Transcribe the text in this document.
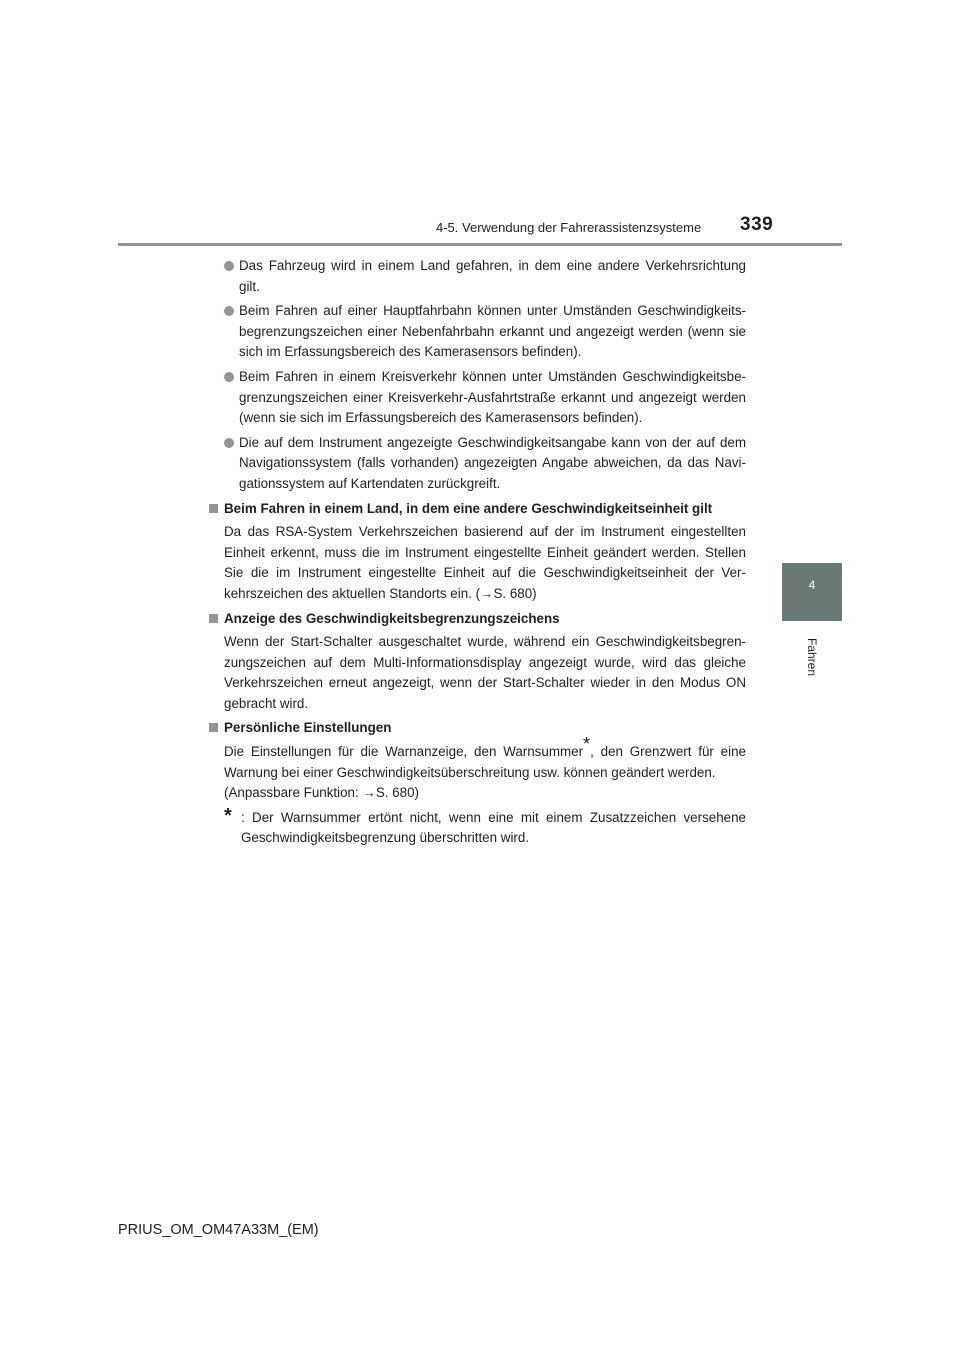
4-5. Verwendung der Fahrerassistenzsysteme 339
4
Fahren
Das Fahrzeug wird in einem Land gefahren, in dem eine andere Verkehrsrichtung gilt.
Beim Fahren auf einer Hauptfahrbahn können unter Umständen Geschwindigkeitsbegrenzungszeichen einer Nebenfahrbahn erkannt und angezeigt werden (wenn sie sich im Erfassungsbereich des Kamerasensors befinden).
Beim Fahren in einem Kreisverkehr können unter Umständen Geschwindigkeitsbegrenzungszeichen einer Kreisverkehr-Ausfahrtstraße erkannt und angezeigt werden (wenn sie sich im Erfassungsbereich des Kamerasensors befinden).
Die auf dem Instrument angezeigte Geschwindigkeitsangabe kann von der auf dem Navigationssystem (falls vorhanden) angezeigten Angabe abweichen, da das Navigationssystem auf Kartendaten zurückgreift.
Beim Fahren in einem Land, in dem eine andere Geschwindigkeitseinheit gilt
Da das RSA-System Verkehrszeichen basierend auf der im Instrument eingestellten Einheit erkennt, muss die im Instrument eingestellte Einheit geändert werden. Stellen Sie die im Instrument eingestellte Einheit auf die Geschwindigkeitseinheit der Verkehrszeichen des aktuellen Standorts ein. (→S. 680)
Anzeige des Geschwindigkeitsbegrenzungszeichens
Wenn der Start-Schalter ausgeschaltet wurde, während ein Geschwindigkeitsbegrenzungszeichen auf dem Multi-Informationsdisplay angezeigt wurde, wird das gleiche Verkehrszeichen erneut angezeigt, wenn der Start-Schalter wieder in den Modus ON gebracht wird.
Persönliche Einstellungen
Die Einstellungen für die Warnanzeige, den Warnsummer*, den Grenzwert für eine Warnung bei einer Geschwindigkeitsüberschreitung usw. können geändert werden.
(Anpassbare Funktion: →S. 680)
* : Der Warnsummer ertönt nicht, wenn eine mit einem Zusatzzeichen versehene Geschwindigkeitsbegrenzung überschritten wird.
PRIUS_OM_OM47A33M_(EM)
